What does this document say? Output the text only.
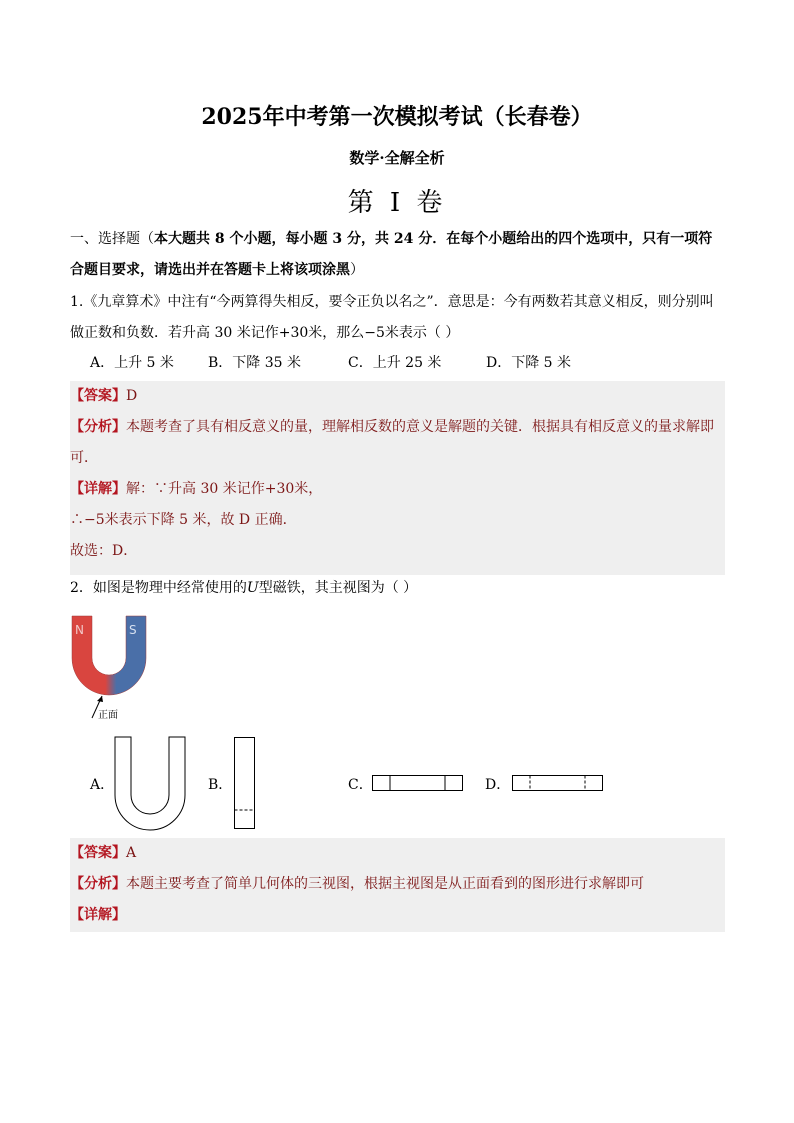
2025年中考第一次模拟考试（长春卷）
数学·全解全析
第 I 卷
一、选择题（本大题共 8 个小题，每小题 3 分，共 24 分．在每个小题给出的四个选项中，只有一项符合题目要求，请选出并在答题卡上将该项涂黑）
1.《九章算术》中注有“今两算得失相反，要令正负以名之”．意思是：今有两数若其意义相反，则分别叫做正数和负数．若升高 30 米记作+30米，那么−5米表示（ ）
A．上升 5 米 B．下降 35 米	C．上升 25 米	D．下降 5 米
【答案】D
【分析】本题考查了具有相反意义的量，理解相反数的意义是解题的关键．根据具有相反意义的量求解即可．
【详解】解：∵升高 30 米记作+30米，
∴−5米表示下降 5 米，故 D 正确．
故选：D．
2．如图是物理中经常使用的U型磁铁，其主视图为（ ）
N	S
正面
A．	B．	C．	D．
【答案】A
【分析】本题主要考查了简单几何体的三视图，根据主视图是从正面看到的图形进行求解即可
【详解】
